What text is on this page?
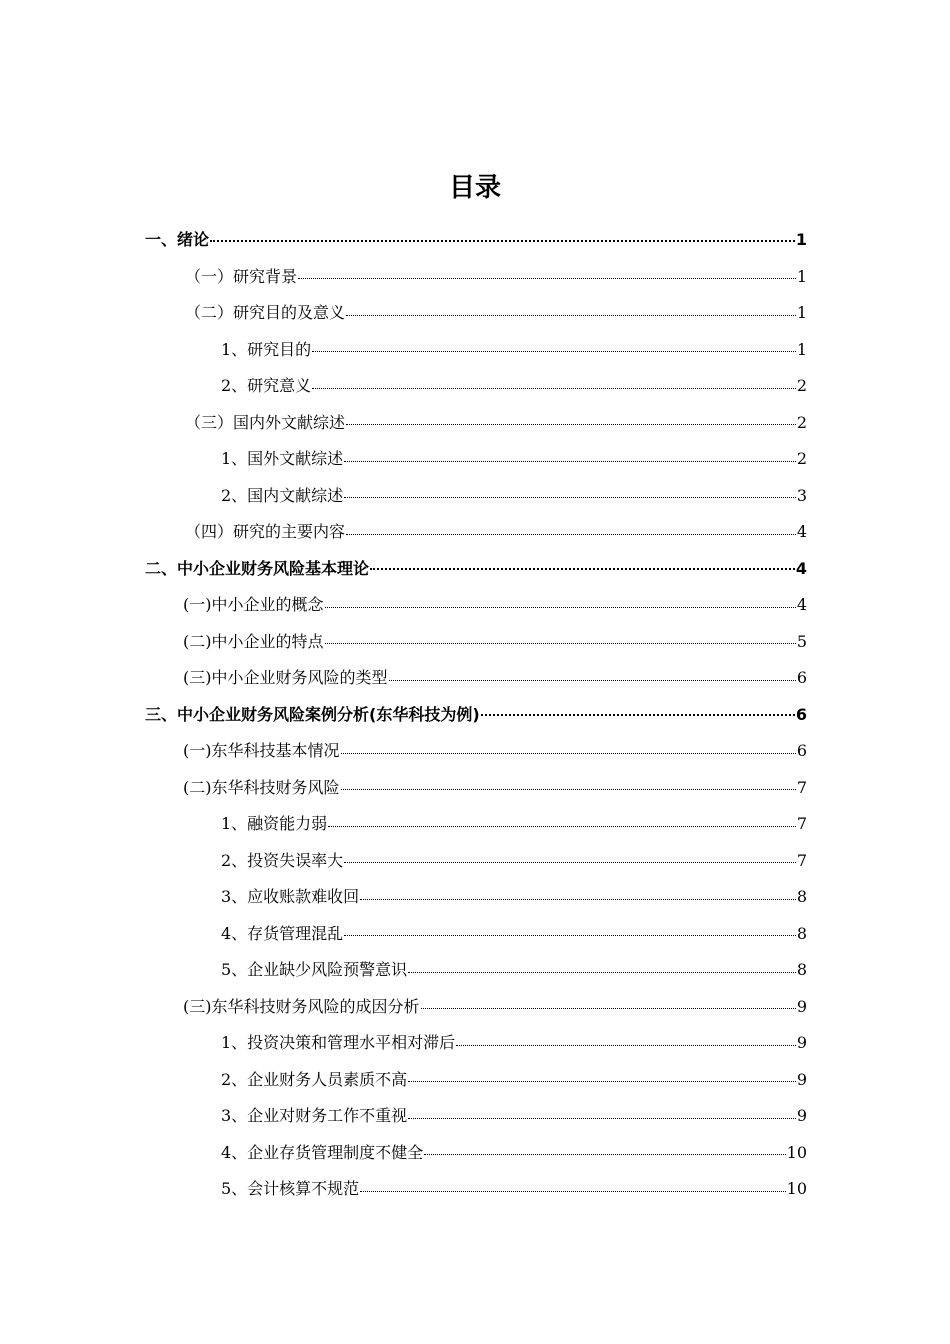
目录
一、绪论	1
（一）研究背景	1
（二）研究目的及意义	1
1、研究目的	1
2、研究意义	2
（三）国内外文献综述	2
1、国外文献综述	2
2、国内文献综述	3
（四）研究的主要内容	4
二、中小企业财务风险基本理论	4
(一)中小企业的概念	4
(二)中小企业的特点	5
(三)中小企业财务风险的类型	6
三、中小企业财务风险案例分析(东华科技为例)	6
(一)东华科技基本情况	6
(二)东华科技财务风险	7
1、融资能力弱	7
2、投资失误率大	7
3、应收账款难收回	8
4、存货管理混乱	8
5、企业缺少风险预警意识	8
(三)东华科技财务风险的成因分析	9
1、投资决策和管理水平相对滞后	9
2、企业财务人员素质不高	9
3、企业对财务工作不重视	9
4、企业存货管理制度不健全	10
5、会计核算不规范	10
